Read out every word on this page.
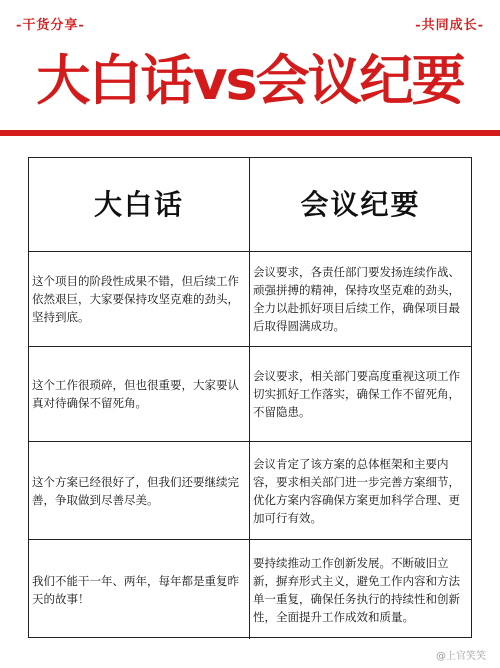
-干货分享-	-共同成长-
大白话vs会议纪要
大白话	会议纪要
这个项目的阶段性成果不错，但后续工作依然艰巨，大家要保持攻坚克难的劲头，坚持到底。
会议要求，各责任部门要发扬连续作战、顽强拼搏的精神，保持攻坚克难的劲头，全力以赴抓好项目后续工作，确保项目最后取得圆满成功。
这个工作很琐碎，但也很重要，大家要认真对待确保不留死角。
会议要求，相关部门要高度重视这项工作 切实抓好工作落实，确保工作不留死角，不留隐患。
这个方案已经很好了，但我们还要继续完善，争取做到尽善尽美。
会议肯定了该方案的总体框架和主要内容，要求相关部门进一步完善方案细节，优化方案内容确保方案更加科学合理、更加可行有效。
我们不能干一年、两年，每年都是重复昨天的故事！
要持续推动工作创新发展。不断破旧立新，摒弃形式主义，避免工作内容和方法单一重复，确保任务执行的持续性和创新性，全面提升工作成效和质量。
@上官笑笑
